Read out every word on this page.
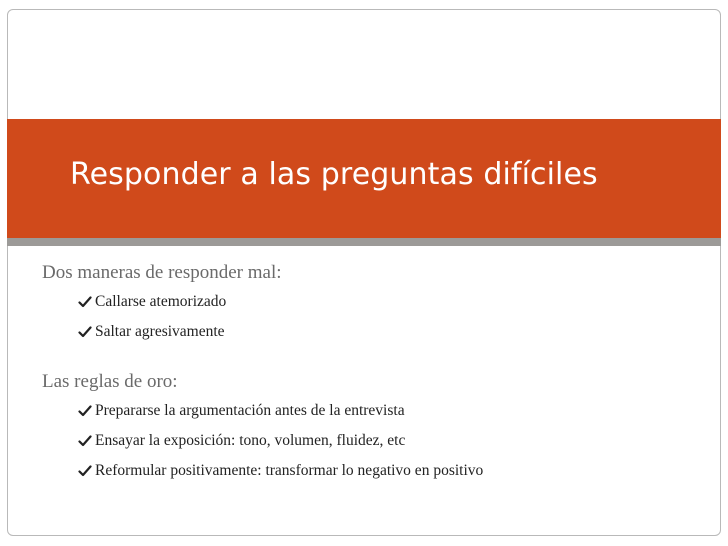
Responder a las preguntas difíciles
Dos maneras de responder mal:
Callarse atemorizado
Saltar agresivamente
Las reglas de oro:
Prepararse la argumentación antes de la entrevista
Ensayar la exposición: tono, volumen, fluidez, etc
Reformular positivamente: transformar lo negativo en positivo
